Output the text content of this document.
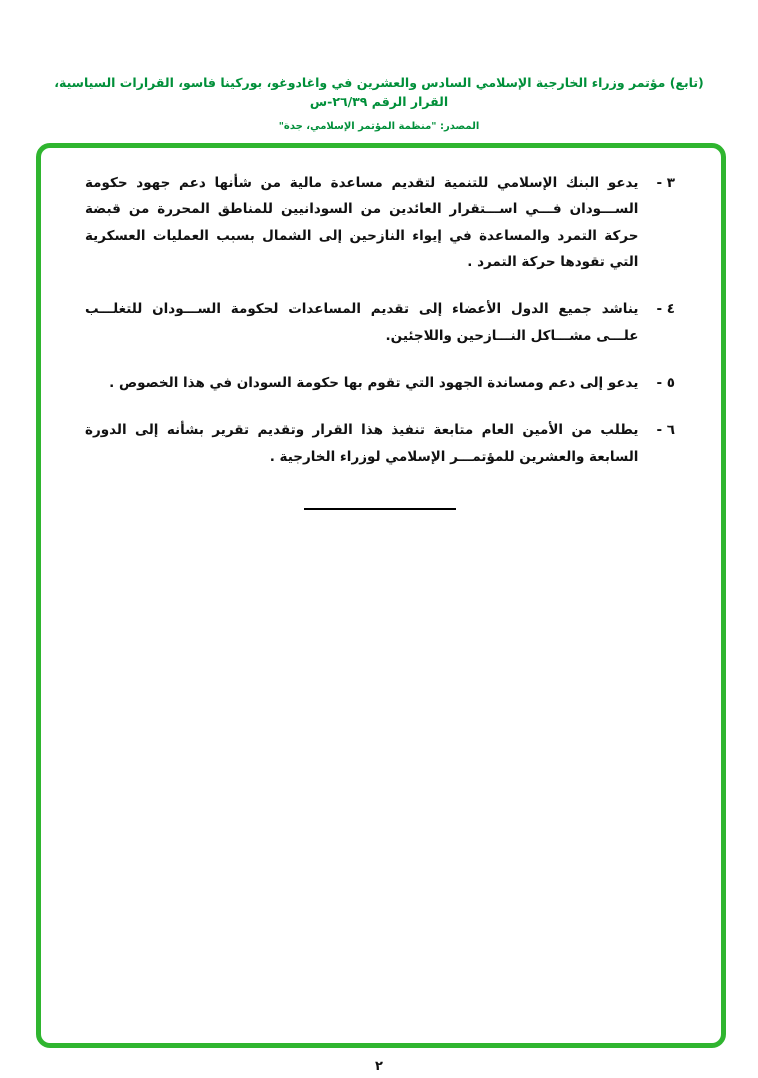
(تابع) مؤتمر وزراء الخارجية الإسلامي السادس والعشرين في واغادوغو، بوركينا فاسو، القرارات السياسية، القرار الرقم ٢٦/٣٩-س
المصدر: "منظمة المؤتمر الإسلامي، جدة"
٣ -

يدعو البنك الإسلامي للتنمية لتقديم مساعدة مالية من شأنها دعم جهود حكومة الســـودان فـــي اســـتقرار العائدين من السودانيين للمناطق المحررة من قبضة حركة التمرد والمساعدة في إيواء النازحين إلى الشمال بسبب العمليات العسكرية التي تقودها حركة التمرد .

٤ -

يناشد جميع الدول الأعضاء إلى تقديم المساعدات لحكومة الســـودان للتغلـــب علـــى مشـــاكل النـــازحين واللاجئين.

٥ -

يدعو إلى دعم ومساندة الجهود التي تقوم بها حكومة السودان في هذا الخصوص .

٦ -

يطلب من الأمين العام متابعة تنفيذ هذا القرار وتقديم تقرير بشأنه إلى الدورة السابعة والعشرين للمؤتمـــر الإسلامي لوزراء الخارجية .

٢
